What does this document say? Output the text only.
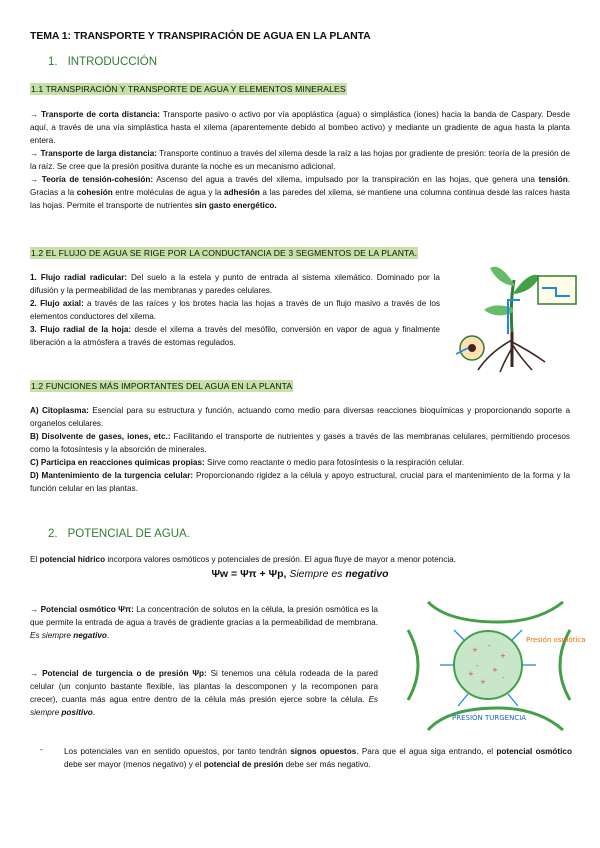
TEMA 1: TRANSPORTE Y TRANSPIRACIÓN DE AGUA EN LA PLANTA
1. INTRODUCCIÓN
1.1 TRANSPIRACIÓN Y TRANSPORTE DE AGUA Y ELEMENTOS MINERALES
→ Transporte de corta distancia: Transporte pasivo o activo por vía apoplástica (agua) o simplástica (iones) hacia la banda de Caspary. Desde aquí, a través de una vía simplástica hasta el xilema (aparentemente debido al bombeo activo) y mediante un gradiente de agua hasta la planta entera.
→ Transporte de larga distancia: Transporte continuo a través del xilema desde la raíz a las hojas por gradiente de presión: teoría de la presión de la raíz. Se cree que la presión positiva durante la noche es un mecanismo adicional.
→ Teoría de tensión-cohesión: Ascenso del agua a través del xilema, impulsado por la transpiración en las hojas, que genera una tensión. Gracias a la cohesión entre moléculas de agua y la adhesión a las paredes del xilema, se mantiene una columna continua desde las raíces hasta las hojas. Permite el transporte de nutrientes sin gasto energético.
1.2 EL FLUJO DE AGUA SE RIGE POR LA CONDUCTANCIA DE 3 SEGMENTOS DE LA PLANTA.
1. Flujo radial radicular: Del suelo a la estela y punto de entrada al sistema xilemático. Dominado por la difusión y la permeabilidad de las membranas y paredes celulares.
2. Flujo axial: a través de las raíces y los brotes hacia las hojas a través de un flujo masivo a través de los elementos conductores del xilema.
3. Flujo radial de la hoja: desde el xilema a través del mesófilo, conversión en vapor de agua y finalmente liberación a la atmósfera a través de estomas regulados.
1.2 FUNCIONES MÁS IMPORTANTES DEL AGUA EN LA PLANTA
A) Citoplasma: Esencial para su estructura y función, actuando como medio para diversas reacciones bioquímicas y proporcionando soporte a organelos celulares.
B) Disolvente de gases, iones, etc.: Facilitando el transporte de nutrientes y gases a través de las membranas celulares, permitiendo procesos como la fotosíntesis y la absorción de minerales.
C) Participa en reacciones químicas propias: Sirve como reactante o medio para fotosíntesis o la respiración celular.
D) Mantenimiento de la turgencia celular: Proporcionando rigidez a la célula y apoyo estructural, crucial para el mantenimiento de la forma y la función celular en las plantas.
2. POTENCIAL DE AGUA.
El potencial hídrico incorpora valores osmóticos y potenciales de presión. El agua fluye de mayor a menor potencia.
Ψw = Ψπ + Ψp, Siempre es negativo
→ Potencial osmótico Ψπ: La concentración de solutos en la célula, la presión osmótica es la que permite la entrada de agua a través de gradiente gracias a la permeabilidad de membrana. Es siempre negativo.
→ Potencial de turgencia o de presión Ψp: Si tenemos una célula rodeada de la pared celular (un conjunto bastante flexible, las plantas la descomponen y la recomponen para crecer), cuanta más agua entre dentro de la célula más presión ejerce sobre la célula. Es siempre positivo.
+ -
+
- +
+ -
+
Presión osmótica
PRESIÓN TURGENCIA
-	Los potenciales van en sentido opuestos, por tanto tendrán signos opuestos. Para que el agua siga entrando, el potencial osmótico debe ser mayor (menos negativo) y el potencial de presión debe ser más negativo.
